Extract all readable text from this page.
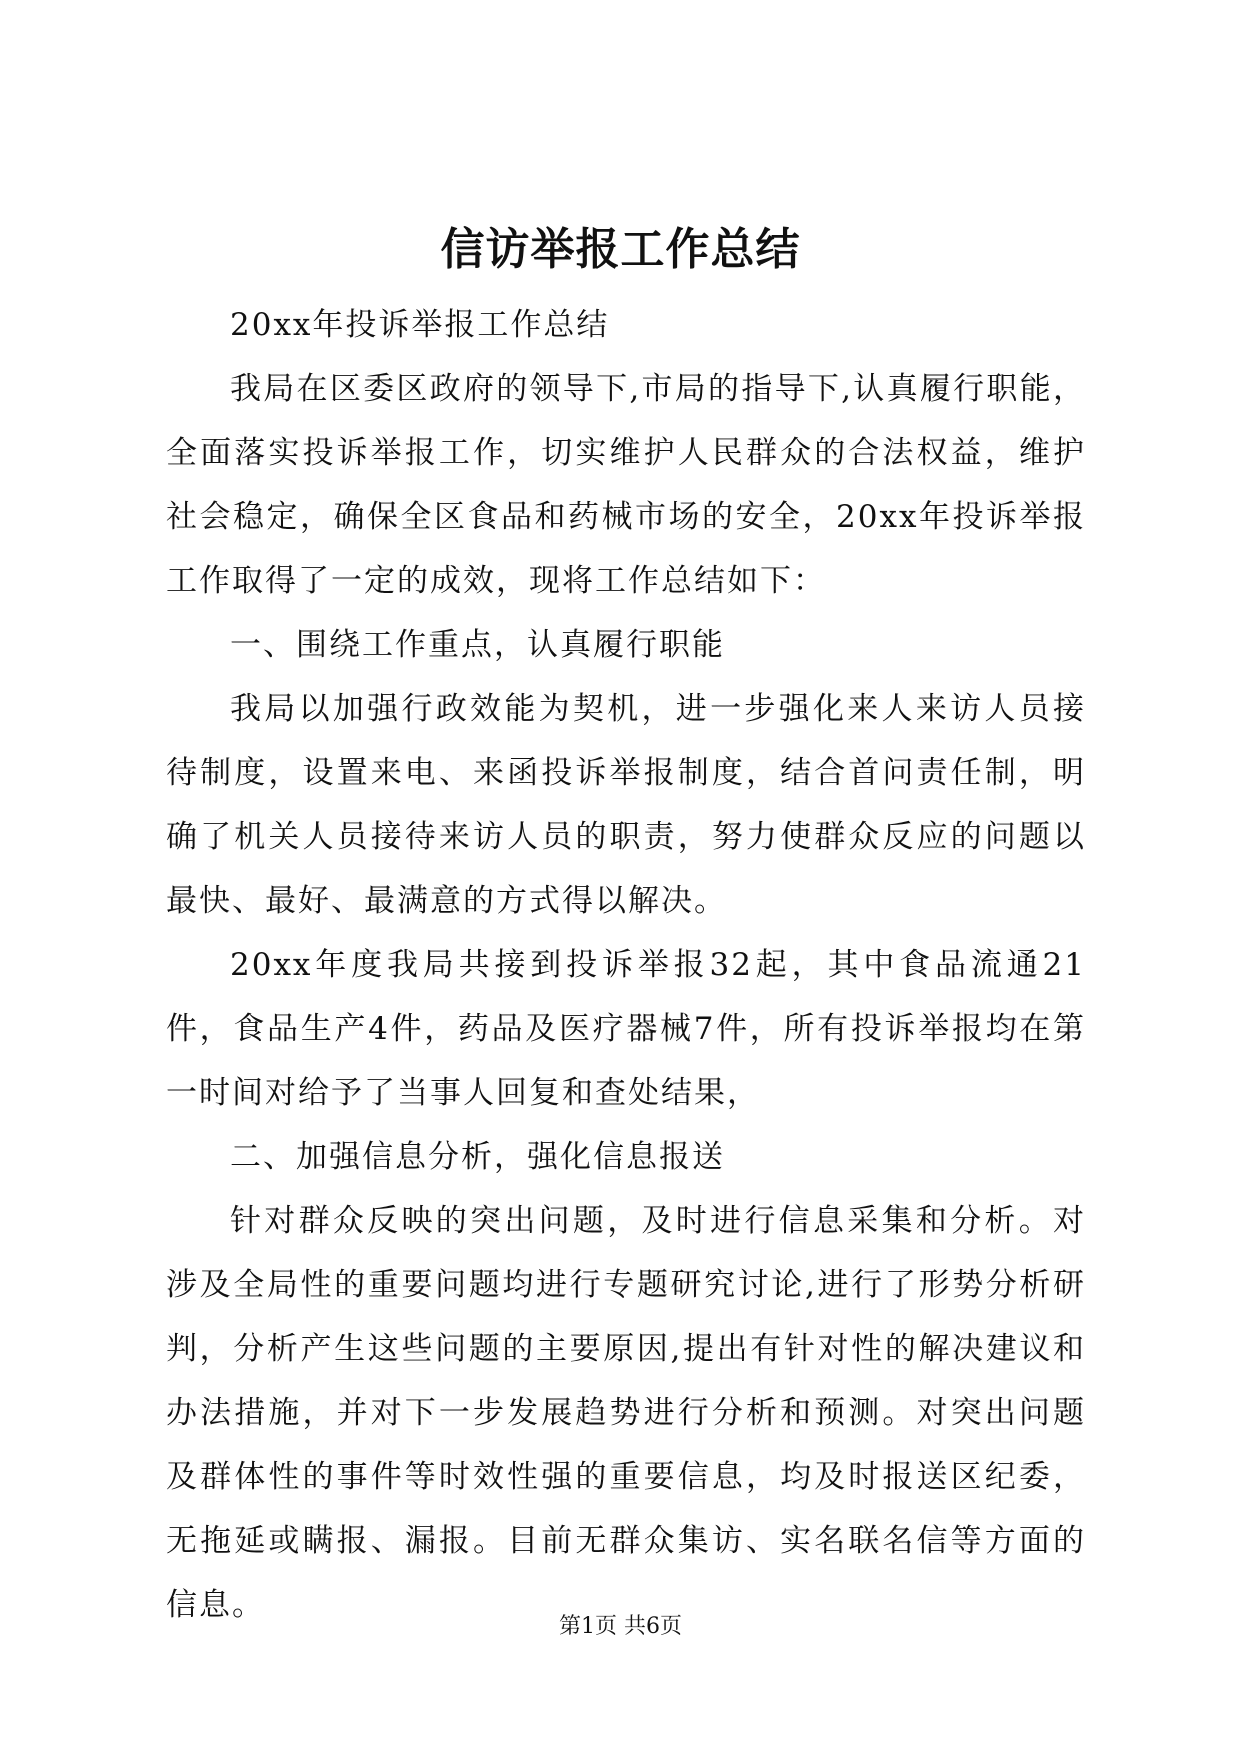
信访举报工作总结

20xx年投诉举报工作总结

我局在区委区政府的领导下,市局的指导下,认真履行职能，全面落实投诉举报工作，切实维护人民群众的合法权益，维护社会稳定，确保全区食品和药械市场的安全，20xx年投诉举报工作取得了一定的成效，现将工作总结如下：

一、围绕工作重点，认真履行职能

我局以加强行政效能为契机，进一步强化来人来访人员接待制度，设置来电、来函投诉举报制度，结合首问责任制，明确了机关人员接待来访人员的职责，努力使群众反应的问题以最快、最好、最满意的方式得以解决。

20xx年度我局共接到投诉举报32起，其中食品流通21件，食品生产4件，药品及医疗器械7件，所有投诉举报均在第一时间对给予了当事人回复和查处结果，

二、加强信息分析，强化信息报送

针对群众反映的突出问题，及时进行信息采集和分析。对涉及全局性的重要问题均进行专题研究讨论,进行了形势分析研判，分析产生这些问题的主要原因,提出有针对性的解决建议和办法措施，并对下一步发展趋势进行分析和预测。对突出问题及群体性的事件等时效性强的重要信息，均及时报送区纪委，无拖延或瞒报、漏报。目前无群众集访、实名联名信等方面的信息。

第1页 共6页
